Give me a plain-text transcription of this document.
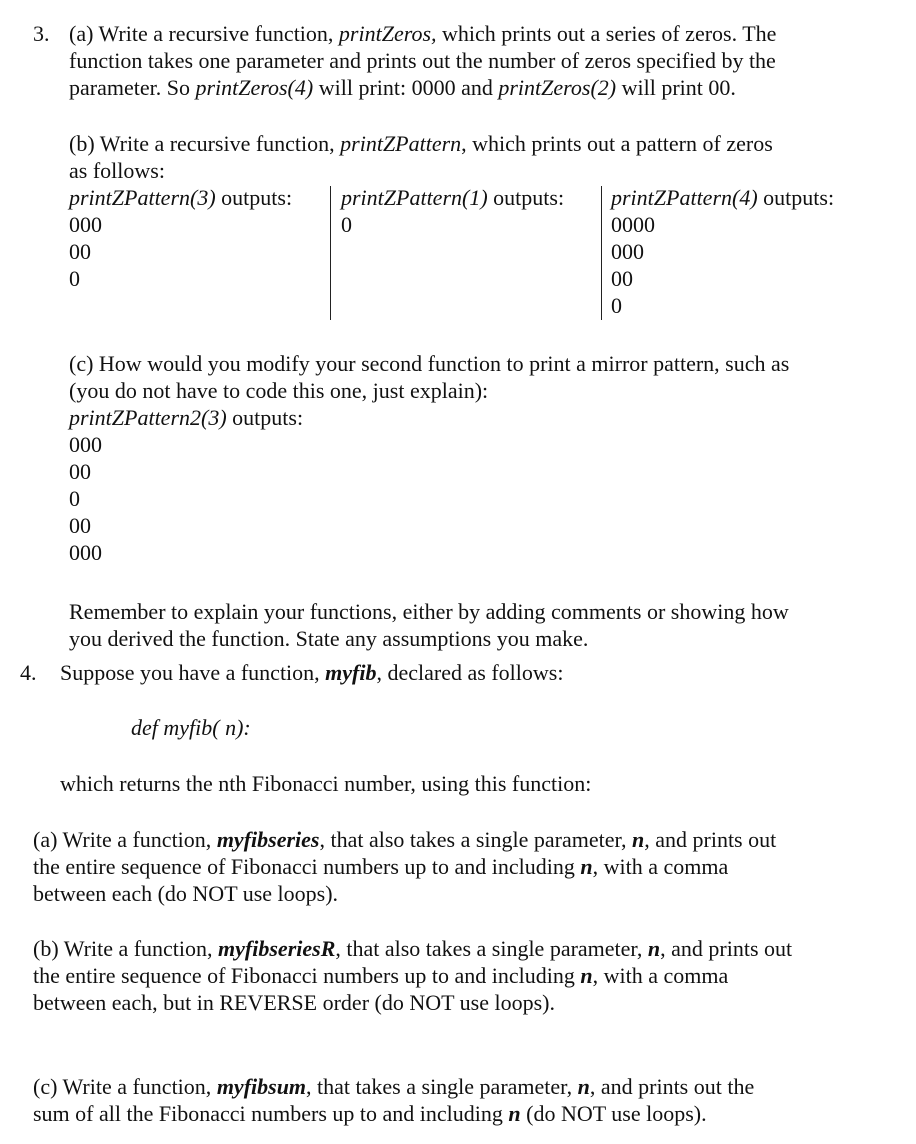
3. (a) Write a recursive function, printZeros, which prints out a series of zeros. The
function takes one parameter and prints out the number of zeros specified by the
parameter. So printZeros(4) will print: 0000 and printZeros(2) will print 00.
(b) Write a recursive function, printZPattern, which prints out a pattern of zeros
as follows:
printZPattern(3) outputs:
000
00
0
printZPattern(1) outputs:
0
printZPattern(4) outputs:
0000
000
00
0
(c) How would you modify your second function to print a mirror pattern, such as
(you do not have to code this one, just explain):
printZPattern2(3) outputs:
000
00
0
00
000
Remember to explain your functions, either by adding comments or showing how
you derived the function. State any assumptions you make.
4. Suppose you have a function, myfib, declared as follows:
def myfib( n):
which returns the nth Fibonacci number, using this function:
(a) Write a function, myfibseries, that also takes a single parameter, n, and prints out
the entire sequence of Fibonacci numbers up to and including n, with a comma
between each (do NOT use loops).
(b) Write a function, myfibseriesR, that also takes a single parameter, n, and prints out
the entire sequence of Fibonacci numbers up to and including n, with a comma
between each, but in REVERSE order (do NOT use loops).
(c) Write a function, myfibsum, that takes a single parameter, n, and prints out the
sum of all the Fibonacci numbers up to and including n (do NOT use loops).
